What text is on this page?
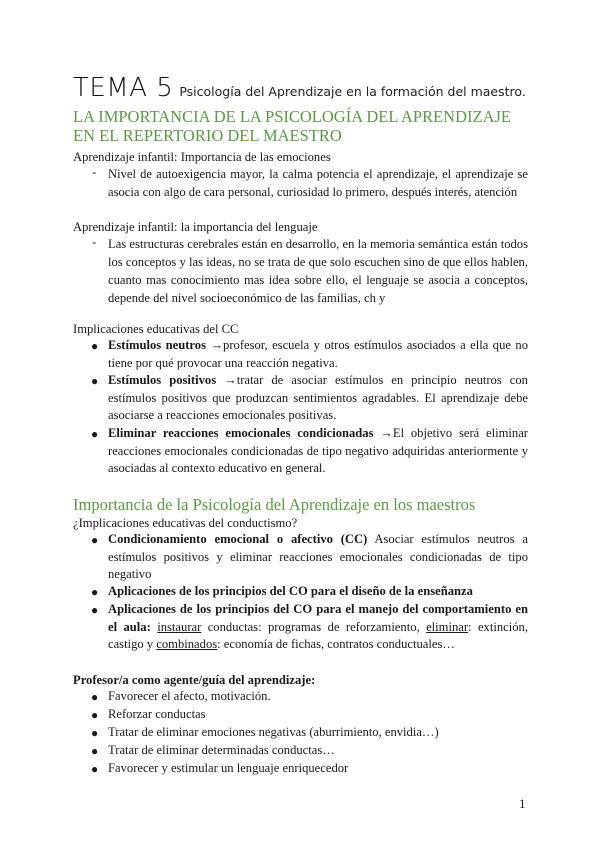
TEMA 5 Psicología del Aprendizaje en la formación del maestro.
LA IMPORTANCIA DE LA PSICOLOGÍA DEL APRENDIZAJE EN EL REPERTORIO DEL MAESTRO
Aprendizaje infantil: Importancia de las emociones
- Nivel de autoexigencia mayor, la calma potencia el aprendizaje, el aprendizaje se asocia con algo de cara personal, curiosidad lo primero, después interés, atención
Aprendizaje infantil: la importancia del lenguaje
- Las estructuras cerebrales están en desarrollo, en la memoria semántica están todos los conceptos y las ideas, no se trata de que solo escuchen sino de que ellos hablen, cuanto mas conocimiento mas idea sobre ello, el lenguaje se asocia a conceptos, depende del nivel socioeconómico de las familias, ch y
Implicaciones educativas del CC
● Estímulos neutros →profesor, escuela y otros estímulos asociados a ella que no tiene por qué provocar una reacción negativa.
● Estímulos positivos →tratar de asociar estímulos en principio neutros con estímulos positivos que produzcan sentimientos agradables. El aprendizaje debe asociarse a reacciones emocionales positivas.
● Eliminar reacciones emocionales condicionadas →El objetivo será eliminar reacciones emocionales condicionadas de tipo negativo adquiridas anteriormente y asociadas al contexto educativo en general.
Importancia de la Psicología del Aprendizaje en los maestros
¿Implicaciones educativas del conductismo?
● Condicionamiento emocional o afectivo (CC) Asociar estímulos neutros a estímulos positivos y eliminar reacciones emocionales condicionadas de tipo negativo
● Aplicaciones de los principios del CO para el diseño de la enseñanza
● Aplicaciones de los principios del CO para el manejo del comportamiento en el aula: instaurar conductas: programas de reforzamiento, eliminar: extinción, castigo y combinados: economía de fichas, contratos conductuales…
Profesor/a como agente/guía del aprendizaje:
● Favorecer el afecto, motivación.
● Reforzar conductas
● Tratar de eliminar emociones negativas (aburrimiento, envidia…)
● Tratar de eliminar determinadas conductas…
● Favorecer y estimular un lenguaje enriquecedor
1
